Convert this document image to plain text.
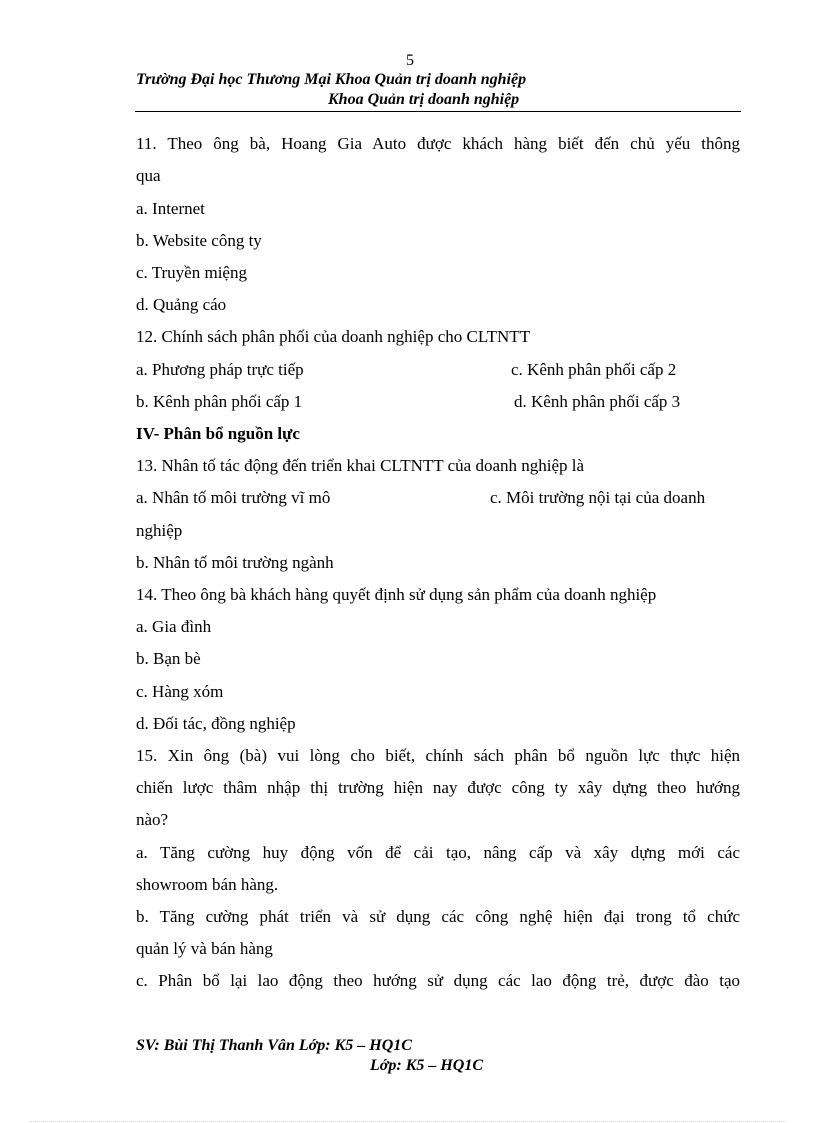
5
Trường Đại học Thương Mại Khoa Quản trị doanh nghiệp
Khoa Quản trị doanh nghiệp
11. Theo ông bà, Hoang Gia Auto được khách hàng biết đến chủ yếu thông
qua
a. Internet
b. Website công ty
c. Truyền miệng
d. Quảng cáo
12. Chính sách phân phối của doanh nghiệp cho CLTNTT
a. Phương pháp trực tiếp	c. Kênh phân phối cấp 2
b. Kênh phân phối cấp 1	d. Kênh phân phối cấp 3
IV- Phân bổ nguồn lực
13. Nhân tố tác động đến triển khai CLTNTT của doanh nghiệp là
a. Nhân tố môi trường vĩ mô	c. Môi trường nội tại của doanh
nghiệp
b. Nhân tố môi trường ngành
14. Theo ông bà khách hàng quyết định sử dụng sản phẩm của doanh nghiệp
a. Gia đình
b. Bạn bè
c. Hàng xóm
d. Đối tác, đồng nghiệp
15. Xin ông (bà) vui lòng cho biết, chính sách phân bổ nguồn lực thực hiện
chiến lược thâm nhập thị trường hiện nay được công ty xây dựng theo hướng
nào?
a. Tăng cường huy động vốn để cải tạo, nâng cấp và xây dựng mới các
showroom bán hàng.
b. Tăng cường phát triển và sử dụng các công nghệ hiện đại trong tổ chức
quản lý và bán hàng
c. Phân bổ lại lao động theo hướng sử dụng các lao động trẻ, được đào tạo
SV: Bùi Thị Thanh Vân Lớp: K5 – HQ1C
Lớp: K5 – HQ1C
